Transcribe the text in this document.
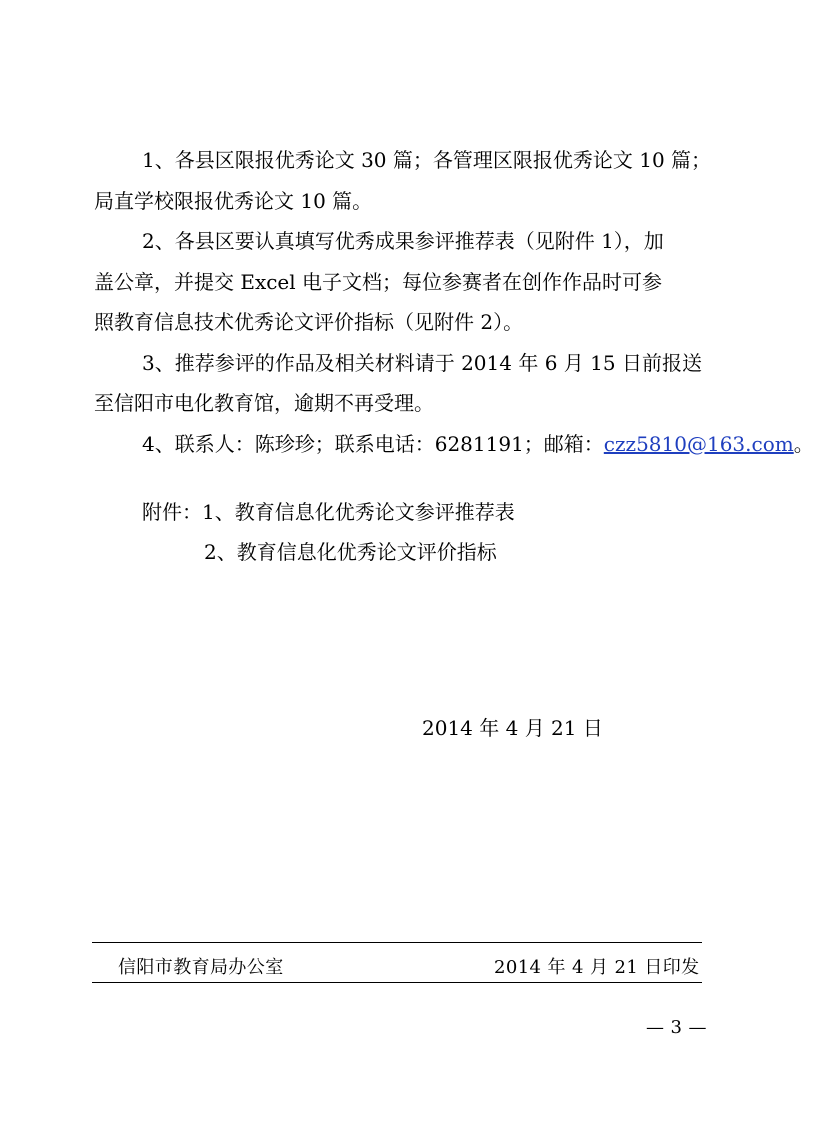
1、各县区限报优秀论文 30 篇；各管理区限报优秀论文 10 篇；
局直学校限报优秀论文 10 篇。
2、各县区要认真填写优秀成果参评推荐表（见附件 1），加
盖公章，并提交 Excel 电子文档；每位参赛者在创作作品时可参
照教育信息技术优秀论文评价指标（见附件 2）。
3、推荐参评的作品及相关材料请于 2014 年 6 月 15 日前报送
至信阳市电化教育馆，逾期不再受理。
4、联系人：陈珍珍；联系电话：6281191；邮箱：czz5810@163.com。
附件：1、教育信息化优秀论文参评推荐表
2、教育信息化优秀论文评价指标
2014 年 4 月 21 日
信阳市教育局办公室	2014 年 4 月 21 日印发
— 3 —
